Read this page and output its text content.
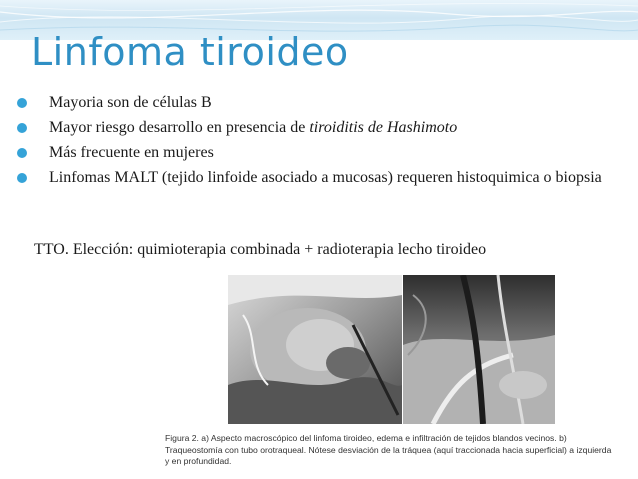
Linfoma tiroideo
Mayoria son de células B
Mayor riesgo desarrollo en presencia de tiroiditis de Hashimoto
Más frecuente en mujeres
Linfomas MALT (tejido linfoide asociado a mucosas) requeren histoquimica o biopsia
TTO. Elección: quimioterapia combinada + radioterapia lecho tiroideo
Figura 2. a) Aspecto macroscópico del linfoma tiroideo, edema e infiltración de tejidos blandos vecinos. b) Traqueostomía con tubo orotraqueal. Nótese desviación de la tráquea (aquí traccionada hacia superficial) a izquierda y en profundidad.
